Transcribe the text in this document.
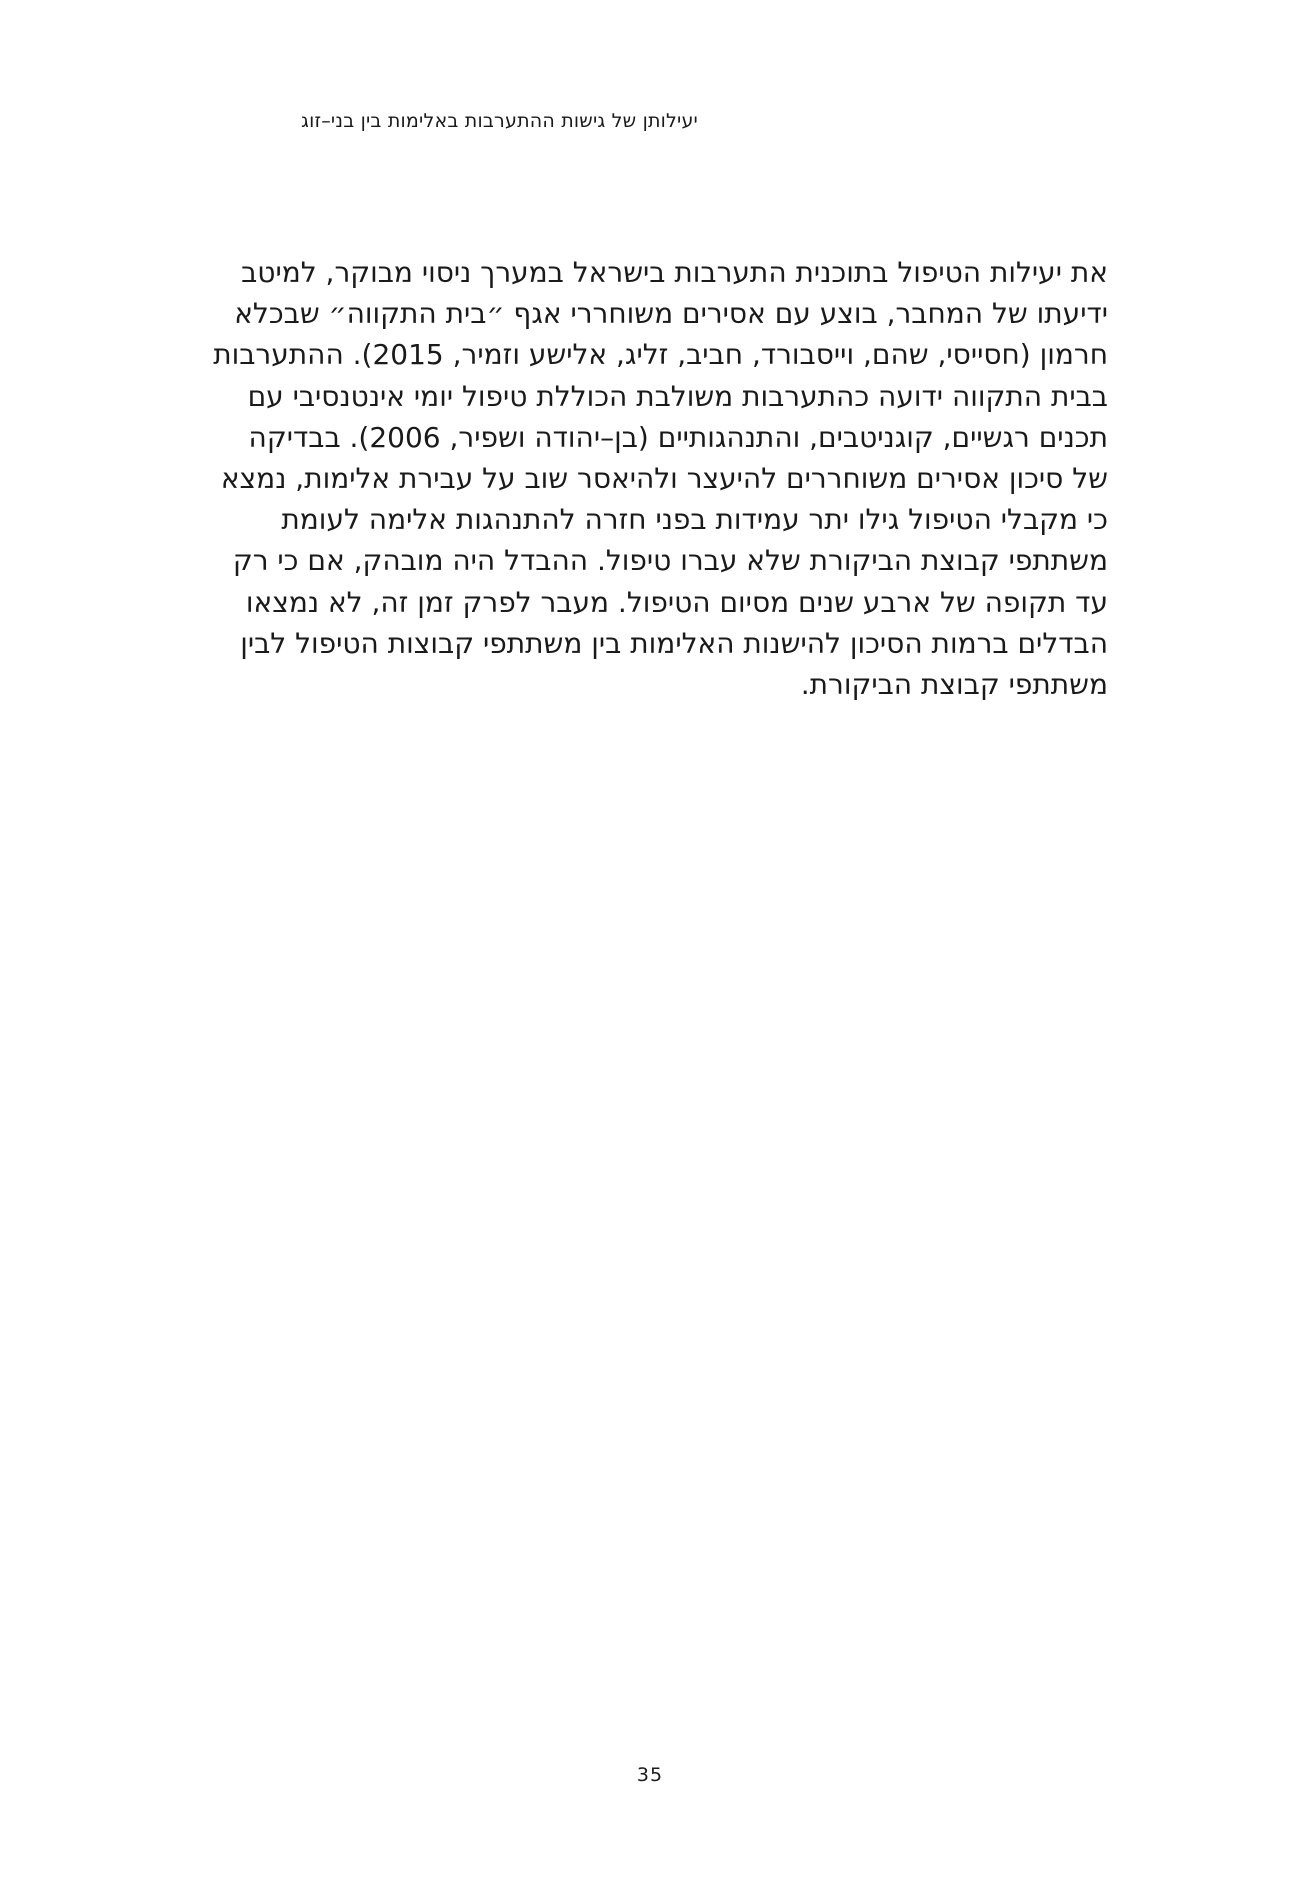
יעילותן של גישות ההתערבות באלימות בין בני–זוג

את יעילות הטיפול בתוכנית התערבות בישראל במערך ניסוי מבוקר, למיטב
ידיעתו של המחבר, בוצע עם אסירים משוחררי אגף ״בית התקווה״ שבכלא
חרמון (חסייסי, שהם, וייסבורד, חביב, זליג, אלישע וזמיר, 2015). ההתערבות
בבית התקווה ידועה כהתערבות משולבת הכוללת טיפול יומי אינטנסיבי עם
תכנים רגשיים, קוגניטבים, והתנהגותיים (בן–יהודה ושפיר, 2006). בבדיקה
של סיכון אסירים משוחררים להיעצר ולהיאסר שוב על עבירת אלימות, נמצא
כי מקבלי הטיפול גילו יתר עמידות בפני חזרה להתנהגות אלימה לעומת
משתתפי קבוצת הביקורת שלא עברו טיפול. ההבדל היה מובהק, אם כי רק
עד תקופה של ארבע שנים מסיום הטיפול. מעבר לפרק זמן זה, לא נמצאו
הבדלים ברמות הסיכון להישנות האלימות בין משתתפי קבוצות הטיפול לבין
משתתפי קבוצת הביקורת.

35
